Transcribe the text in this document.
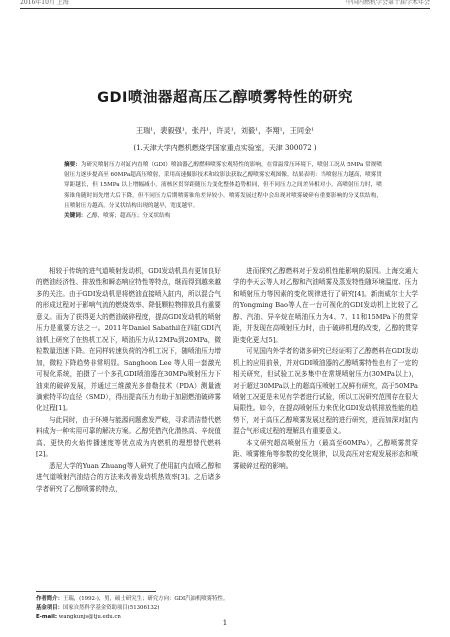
2016年10月 上海	中国内燃机学会第十届学术年会
GDI喷油器超高压乙醇喷雾特性的研究
王瑞¹，裴毅强¹，张丹¹，许灵¹，刘毅¹，李翔¹，王同金¹
(1.天津大学内燃机燃烧学国家重点实验室，天津 300072 )
摘要：为研究喷射压力对缸内直喷（GDI）喷油器乙醇燃料喷雾宏观特性的影响，在常温常压环境下，喷射工况从 5MPa 常规喷射压力逐步提高至 60MPa超高压喷射，采用高速摄影技术和纹影法获取乙醇喷雾宏观图像。结果表明：当喷射压力越高，喷雾贯穿距越长，但 15MPa 以上增幅减小。液核区贯穿距随压力变化整体趋势相同，但不同压力之间差异相对小。高喷射压力时，喷雾锥角随时间先增大后下降，但不同压力后期喷雾锥角差异较小。喷雾发展过程中会出现对喷雾破碎有重要影响的分叉状结构，且喷射压力越高，分叉状结构出现的越早，宽度越窄。
关键词：乙醇，喷雾；超高压；分叉状结构

相较于传统的进气道喷射发动机，GDI发动机具有更加良好的燃油经济性、排放性和瞬态响应特性等特点，继而得到越来越多的关注。由于GDI发动机是将燃油直接喷入缸内，所以混合气的形成过程对于影响气流的燃烧效率、降低颗粒物排放具有重要意义。而为了获得更大的燃油破碎程度，提高GDI发动机的喷射压力是重要方法之一。2011年Daniel Sabathil在四缸GDI汽油机上研究了在热机工况下，喷油压力从12MPa到20MPa，微粒数量迅速下降。在同样转速负荷的冷机工况下，随喷油压力增加，微粒下降趋势非常明显。Sanghoon Lee 等人用一套激光可视化系统，拍摄了一个多孔GDI喷油器在30MPa喷射压力下油束的破碎发展，并通过三维激光多普勒技术（PDA）测量液滴索特平均直径（SMD），得出提高压力有助于加剧燃油破碎雾化过程[1]。

与此同时，由于环境与能源问题愈发严峻，寻求清洁替代燃料成为一种实用可靠的解决方案。乙醇凭借汽化潜热高、辛烷值高、更快的火焰传播速度等优点成为内燃机的理想替代燃料[2]。

悉尼大学的Yuan Zhuang等人研究了使用缸内直喷乙醇和进气道喷射汽油结合的方法来改善发动机热效率[3]。之后诸多学者研究了乙醇喷雾的特点，

进而探究乙醇燃料对于发动机性能影响的原因。上海交通大学的李天云等人对乙醇和汽油喷雾及蒸发特性随环境温度、压力和喷射压力等因素的变化规律进行了研究[4]。新南威尔士大学的Yongming Bao等人在一台可视化的GDI发动机上比较了乙醇、汽油、异辛烷在喷油压力为4、7、11和15MPa下的贯穿距，并发现在高喷射压力时，由于破碎机理的改变，乙醇的贯穿距变化更大[5]。

可见国内外学者的诸多研究已经证明了乙醇燃料在GDI发动机上的应用前景，并对GDI喷油器的乙醇喷雾特性也有了一定的相关研究，但试验工况多集中在常规喷射压力(30MPa以上)，对于超过30MPa以上的超高压喷射工况鲜有研究，高于50MPa喷射工况更是未见有学者进行试验，所以工况研究范围存在很大局限性。如今，在提高喷射压力来优化GDI发动机排放性能的趋势下，对于高压乙醇喷雾发展过程的进行研究，进而加深对缸内混合气形成过程的理解具有重要意义。

本文研究超高喷射压力（最高至60MPa），乙醇喷雾贯穿距、喷雾锥角等参数的变化规律，以及高压对宏观发展形态和喷雾破碎过程的影响。

作者简介：王瑞，(1992-)，男，硕士研究生；研究方向：GDI汽油机喷雾特性。
基金项目：国家自然科学基金资助项目(51306132)
E-mail: wangkunjs@tju.edu.cn
1
